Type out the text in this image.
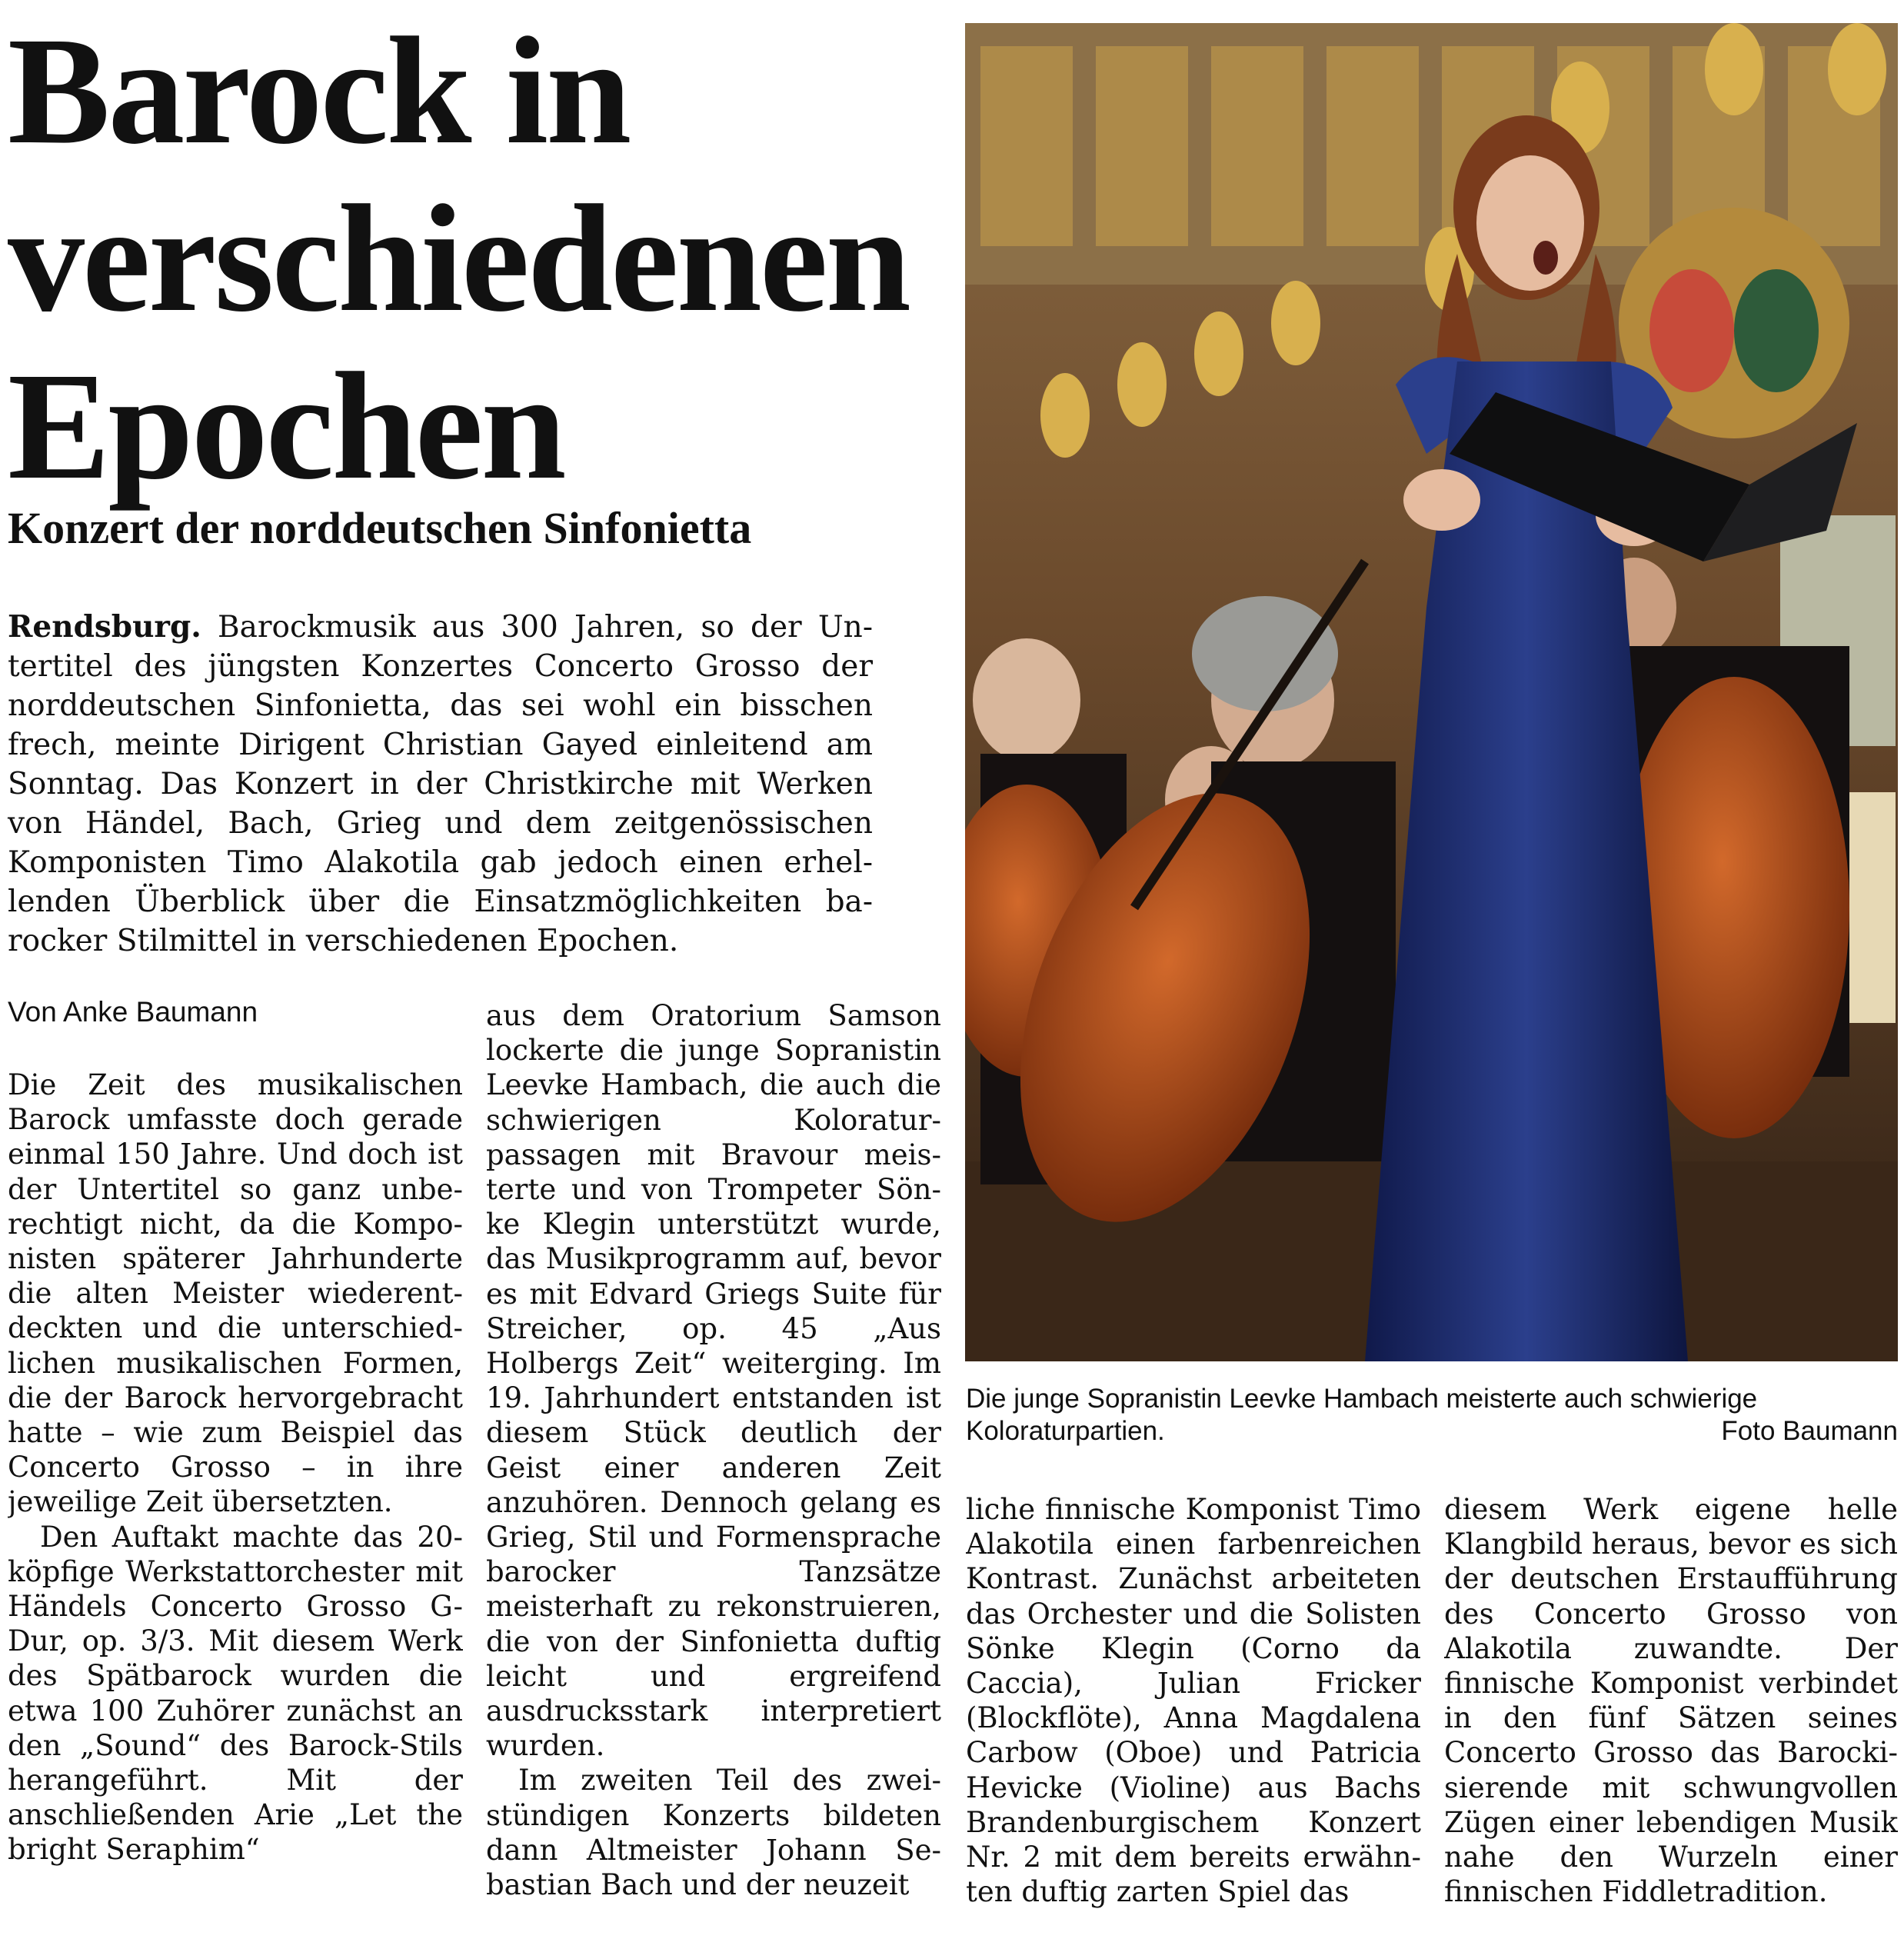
Barock in verschiedenen Epochen
Konzert der norddeutschen Sinfonietta

Rendsburg. Barockmusik aus 300 Jahren, so der Untertitel des jüngsten Konzertes Concerto Grosso der norddeutschen Sinfonietta, das sei wohl ein bisschen frech, meinte Dirigent Christian Gayed einleitend am Sonntag. Das Konzert in der Christkirche mit Werken von Händel, Bach, Grieg und dem zeitgenössischen Komponisten Timo Alakotila gab jedoch einen erhellenden Überblick über die Einsatzmöglichkeiten barocker Stilmittel in verschiedenen Epochen.

Von Anke Baumann

Die Zeit des musikalischen Barock umfasste doch gerade einmal 150 Jahre. Und doch ist der Untertitel so ganz unberechtigt nicht, da die Komponisten späterer Jahrhunderte die alten Meister wiederentdeckten und die unterschiedlichen musikalischen Formen, die der Barock hervorgebracht hatte – wie zum Beispiel das Concerto Grosso – in ihre jeweilige Zeit übersetzten.

Den Auftakt machte das 20-köpfige Werkstattorchester mit Händels Concerto Grosso G-Dur, op. 3/3. Mit diesem Werk des Spätbarock wurden die etwa 100 Zuhörer zunächst an den „Sound“ des Barock-Stils herangeführt. Mit der anschließenden Arie „Let the bright Seraphim“

aus dem Oratorium Samson lockerte die junge Sopranistin Leevke Hambach, die auch die schwierigen Koloraturpassagen mit Bravour meisterte und von Trompeter Sönke Klegin unterstützt wurde, das Musikprogramm auf, bevor es mit Edvard Griegs Suite für Streicher, op. 45 „Aus Holbergs Zeit“ weiterging. Im 19. Jahrhundert entstanden ist diesem Stück deutlich der Geist einer anderen Zeit anzuhören. Dennoch gelang es Grieg, Stil und Formensprache barocker Tanzsätze meisterhaft zu rekonstruieren, die von der Sinfonietta duftig leicht und ergreifend ausdrucksstark interpretiert wurden.

Im zweiten Teil des zweistündigen Konzerts bildeten dann Altmeister Johann Sebastian Bach und der neuzeit

liche finnische Komponist Timo Alakotila einen farbenreichen Kontrast. Zunächst arbeiteten das Orchester und die Solisten Sönke Klegin (Corno da Caccia), Julian Fricker (Blockflöte), Anna Magdalena Carbow (Oboe) und Patricia Hevicke (Violine) aus Bachs Brandenburgischem Konzert Nr. 2 mit dem bereits erwähnten duftig zarten Spiel das

diesem Werk eigene helle Klangbild heraus, bevor es sich der deutschen Erstaufführung des Concerto Grosso von Alakotila zuwandte. Der finnische Komponist verbindet in den fünf Sätzen seines Concerto Grosso das Barockisierende mit schwungvollen Zügen einer lebendigen Musik nahe den Wurzeln einer finnischen Fiddletradition.

Die junge Sopranistin Leevke Hambach meisterte auch schwierige Koloraturpartien.	Foto Baumann
